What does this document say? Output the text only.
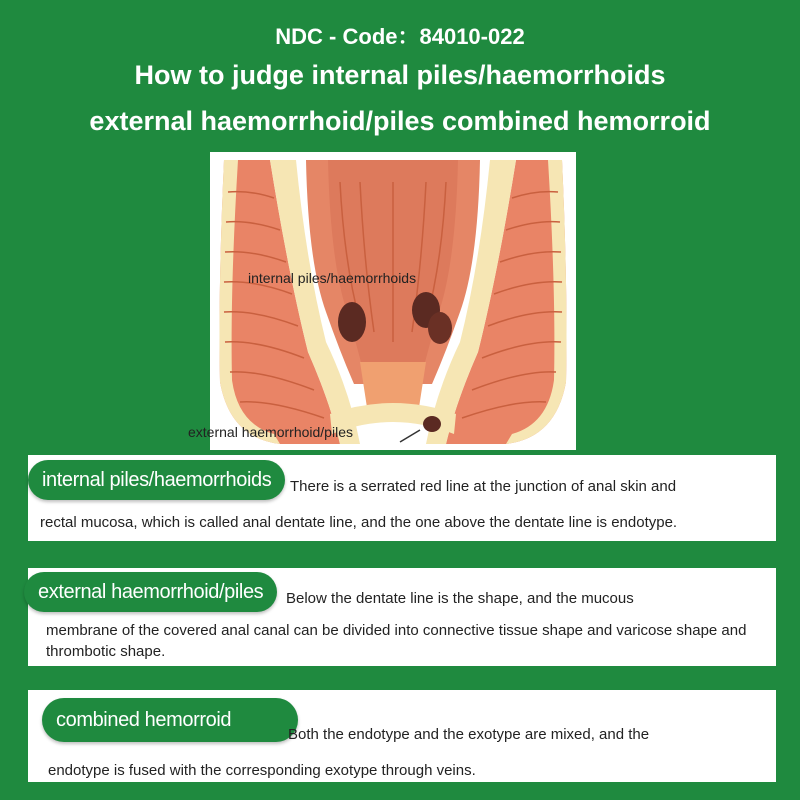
NDC - Code：84010-022
How to judge internal piles/haemorrhoids
external haemorrhoid/piles combined hemorroid
internal piles/haemorrhoids
external haemorrhoid/piles
internal piles/haemorrhoids	There is a serrated red line at the junction of anal skin and
rectal mucosa, which is called anal dentate line, and the one above the dentate line is endotype.
external haemorrhoid/piles	Below the dentate line is the shape, and the mucous
membrane of the covered anal canal can be divided into connective tissue shape and varicose shape and thrombotic shape.
combined hemorroid
Both the endotype and the exotype are mixed, and the
endotype is fused with the corresponding exotype through veins.
